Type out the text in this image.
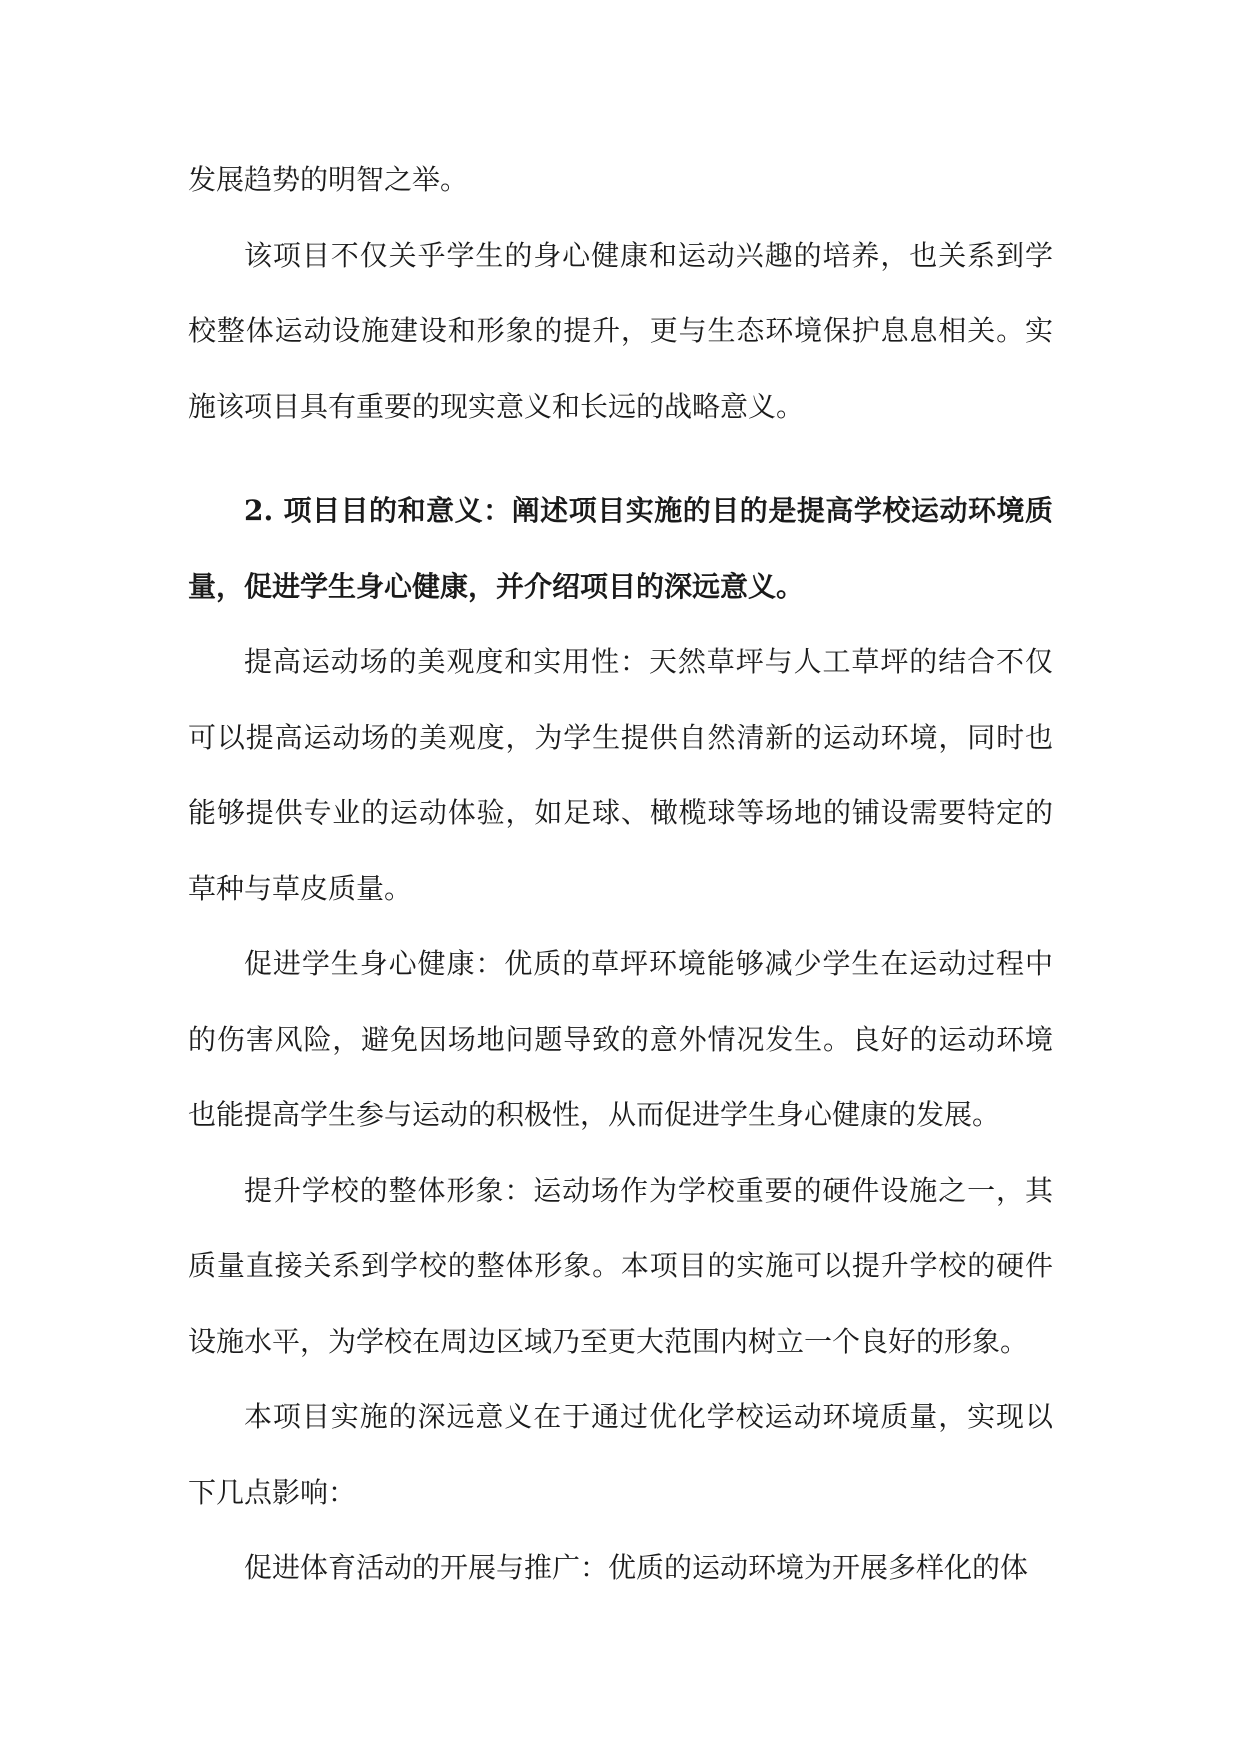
发展趋势的明智之举。

该项目不仅关乎学生的身心健康和运动兴趣的培养，也关系到学校整体运动设施建设和形象的提升，更与生态环境保护息息相关。实施该项目具有重要的现实意义和长远的战略意义。

2. 项目目的和意义：阐述项目实施的目的是提高学校运动环境质量，促进学生身心健康，并介绍项目的深远意义。

提高运动场的美观度和实用性：天然草坪与人工草坪的结合不仅可以提高运动场的美观度，为学生提供自然清新的运动环境，同时也能够提供专业的运动体验，如足球、橄榄球等场地的铺设需要特定的草种与草皮质量。

促进学生身心健康：优质的草坪环境能够减少学生在运动过程中的伤害风险，避免因场地问题导致的意外情况发生。良好的运动环境也能提高学生参与运动的积极性，从而促进学生身心健康的发展。

提升学校的整体形象：运动场作为学校重要的硬件设施之一，其质量直接关系到学校的整体形象。本项目的实施可以提升学校的硬件设施水平，为学校在周边区域乃至更大范围内树立一个良好的形象。

本项目实施的深远意义在于通过优化学校运动环境质量，实现以下几点影响：

促进体育活动的开展与推广：优质的运动环境为开展多样化的体
